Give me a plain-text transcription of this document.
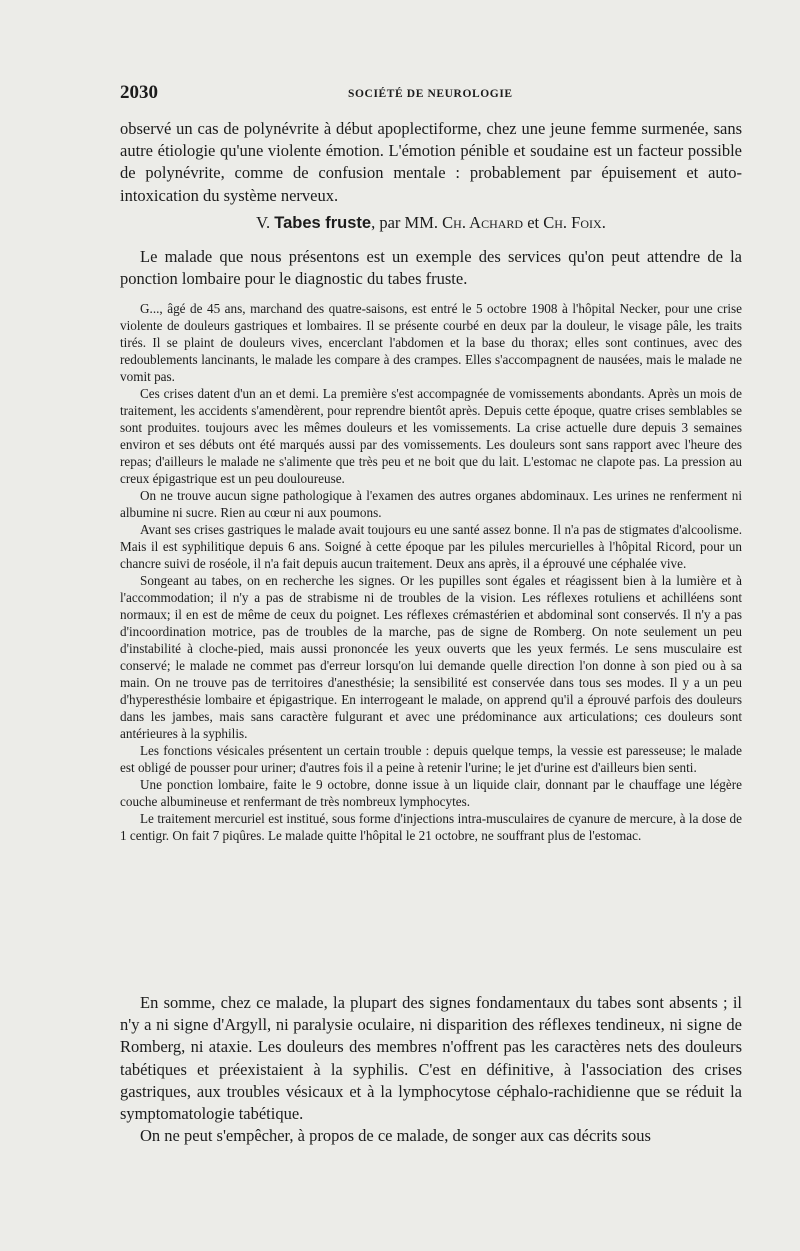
2030	SOCIÉTÉ DE NEUROLOGIE

observé un cas de polynévrite à début apoplectiforme, chez une jeune femme surmenée, sans autre étiologie qu'une violente émotion. L'émotion pénible et soudaine est un facteur possible de polynévrite, comme de confusion mentale : probablement par épuisement et auto-intoxication du système nerveux.

V. Tabes fruste, par MM. Ch. Achard et Ch. Foix.

Le malade que nous présentons est un exemple des services qu'on peut attendre de la ponction lombaire pour le diagnostic du tabes fruste.

G..., âgé de 45 ans, marchand des quatre-saisons, est entré le 5 octobre 1908 à l'hôpital Necker, pour une crise violente de douleurs gastriques et lombaires. Il se présente courbé en deux par la douleur, le visage pâle, les traits tirés. Il se plaint de douleurs vives, encerclant l'abdomen et la base du thorax; elles sont continues, avec des redoublements lancinants, le malade les compare à des crampes. Elles s'accompagnent de nausées, mais le malade ne vomit pas.

Ces crises datent d'un an et demi. La première s'est accompagnée de vomissements abondants. Après un mois de traitement, les accidents s'amendèrent, pour reprendre bientôt après. Depuis cette époque, quatre crises semblables se sont produites. toujours avec les mêmes douleurs et les vomissements. La crise actuelle dure depuis 3 semaines environ et ses débuts ont été marqués aussi par des vomissements. Les douleurs sont sans rapport avec l'heure des repas; d'ailleurs le malade ne s'alimente que très peu et ne boit que du lait. L'estomac ne clapote pas. La pression au creux épigastrique est un peu douloureuse.

On ne trouve aucun signe pathologique à l'examen des autres organes abdominaux. Les urines ne renferment ni albumine ni sucre. Rien au cœur ni aux poumons.

Avant ses crises gastriques le malade avait toujours eu une santé assez bonne. Il n'a pas de stigmates d'alcoolisme. Mais il est syphilitique depuis 6 ans. Soigné à cette époque par les pilules mercurielles à l'hôpital Ricord, pour un chancre suivi de roséole, il n'a fait depuis aucun traitement. Deux ans après, il a éprouvé une céphalée vive.

Songeant au tabes, on en recherche les signes. Or les pupilles sont égales et réagissent bien à la lumière et à l'accommodation; il n'y a pas de strabisme ni de troubles de la vision. Les réflexes rotuliens et achilléens sont normaux; il en est de même de ceux du poignet. Les réflexes crémastérien et abdominal sont conservés. Il n'y a pas d'incoordination motrice, pas de troubles de la marche, pas de signe de Romberg. On note seulement un peu d'instabilité à cloche-pied, mais aussi prononcée les yeux ouverts que les yeux fermés. Le sens musculaire est conservé; le malade ne commet pas d'erreur lorsqu'on lui demande quelle direction l'on donne à son pied ou à sa main. On ne trouve pas de territoires d'anesthésie; la sensibilité est conservée dans tous ses modes. Il y a un peu d'hyperesthésie lombaire et épigastrique. En interrogeant le malade, on apprend qu'il a éprouvé parfois des douleurs dans les jambes, mais sans caractère fulgurant et avec une prédominance aux articulations; ces douleurs sont antérieures à la syphilis.

Les fonctions vésicales présentent un certain trouble : depuis quelque temps, la vessie est paresseuse; le malade est obligé de pousser pour uriner; d'autres fois il a peine à retenir l'urine; le jet d'urine est d'ailleurs bien senti.

Une ponction lombaire, faite le 9 octobre, donne issue à un liquide clair, donnant par le chauffage une légère couche albumineuse et renfermant de très nombreux lymphocytes.

Le traitement mercuriel est institué, sous forme d'injections intra-musculaires de cyanure de mercure, à la dose de 1 centigr. On fait 7 piqûres. Le malade quitte l'hôpital le 21 octobre, ne souffrant plus de l'estomac.

En somme, chez ce malade, la plupart des signes fondamentaux du tabes sont absents ; il n'y a ni signe d'Argyll, ni paralysie oculaire, ni disparition des réflexes tendineux, ni signe de Romberg, ni ataxie. Les douleurs des membres n'offrent pas les caractères nets des douleurs tabétiques et préexistaient à la syphilis. C'est en définitive, à l'association des crises gastriques, aux troubles vésicaux et à la lymphocytose céphalo-rachidienne que se réduit la symptomatologie tabétique.

On ne peut s'empêcher, à propos de ce malade, de songer aux cas décrits sous
